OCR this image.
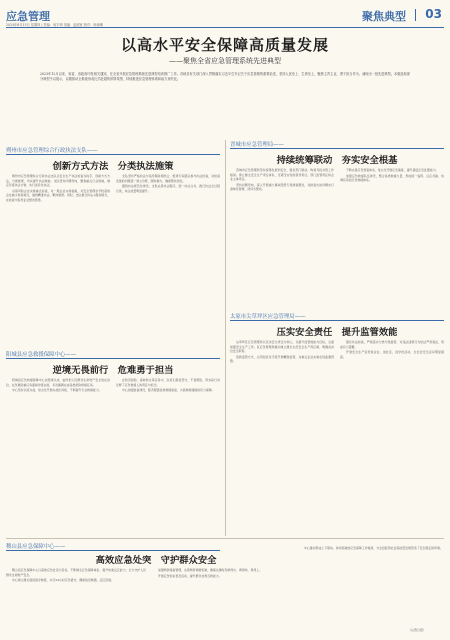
应急管理	聚焦典型 03
2024年6月13日 星期四 | 责编：何宇坤 美编：赵淑宽 校对：杨琼琳
以高水平安全保障高质量发展
——聚焦全省应急管理系统先进典型
2023年12月以来，省委、省政府印发相关通知，在全省开展应急管理系统先进典型培育推广工作。各地各有关部门深入贯彻落实习近平总书记关于应急管理的重要论述，坚持人民至上、生命至上，聚焦主责主业，勇于担当作为，涌现出一批先进典型。本版选取部分典型予以展示，以期推动全系统形成比学赶超的浓厚氛围，持续推进应急管理体系和能力现代化。
朔州市应急管理综合行政执法支队——
创新方式方法　分类执法施策

朔州市应急管理综合行政执法支队以安全生产执法检查为抓手，创新方式方法，分类施策，切实提升执法效能。支队坚持问题导向，聚焦重点行业领域，制定年度执法计划，实行差异化执法。

对高风险企业实施重点检查，对一般企业实施抽查，对安全管理水平较高的企业减少检查频次，做到精准执法、靶向施策。同时，支队推行执法+服务模式，在检查中指导企业整改隐患。

支队坚持严格执法与指导服务相结合，组建专家团队参与执法检查，对检查发现的问题逐一建立台账，跟踪督办，确保整改到位。

围绕执法规范化建设，支队完善执法程序，统一执法文书，推行执法全过程记录，执法质量明显提升。

晋城市应急管理局——
持续统筹联动　夯实安全根基

晋城市应急管理局坚持统筹发展和安全，强化部门联动，构建齐抓共管工作格局。建立健全安全生产责任体系，压紧压实党政领导责任、部门监管责任和企业主体责任。

坚持问题导向，深入开展重大事故隐患专项排查整治，对排查出的问题实行清单化管理、闭环式整改。

不断完善应急预案体系，常态化开展应急演练，提升基层应急处置能力。

加强应急救援队伍建设，整合各类救援力量，形成统一指挥、反应灵敏、协调有序的应急救援体系。

太原市尖草坪区应急管理局——
压实安全责任　提升监管效能

尖草坪区应急管理局以压实安全责任为核心，以提升监管效能为目标，全面加强安全生产工作。区应急管理局推动建立健全全员安全生产责任制，明确各岗位安全职责。

创新监管方式，运用信息化手段开展精准监管，对重点企业实施在线监测预警。

强化执法检查，严格落实分类分级监管，对违法违规行为依法严肃查处，形成有力震慑。

开展安全生产宣传进企业、进社区、进学校活动，全社会安全意识明显提高。

阳城县应急救援保障中心——
逆境无畏前行　危难勇于担当

阳城县应急救援保障中心自组建以来，始终把人民群众生命财产安全放在首位，在急难险重任务面前冲锋在前，多次圆满完成各类抢险救援任务。

中心坚持以练为战，常态化开展实战化训练，不断提升专业救援能力。

在防汛抢险、森林防火等任务中，队员们昼夜坚守，不畏艰险，用实际行动诠释了应急救援人的责任与担当。

中心加强装备建设，配齐配强各类救援装备，为高效救援提供有力保障。

稷山县应急保障中心——
高效应急处突　守护群众安全

稷山县应急保障中心以高效应急处突为目标，不断健全应急保障体系，提升快速反应能力，全力守护人民群众生命财产安全。

中心建立健全值班值守制度，实行24小时应急值守，确保信息畅通、反应迅速。

加强物资储备管理，完善物资调拨机制，确保关键时刻拿得出、调得快、用得上。

开展应急知识普及活动，提升群众自救互救能力。

中心推动形成上下联动、协同高效的应急保障工作格局，为全县经济社会高质量发展营造了安全稳定的环境。

（山西日报）
